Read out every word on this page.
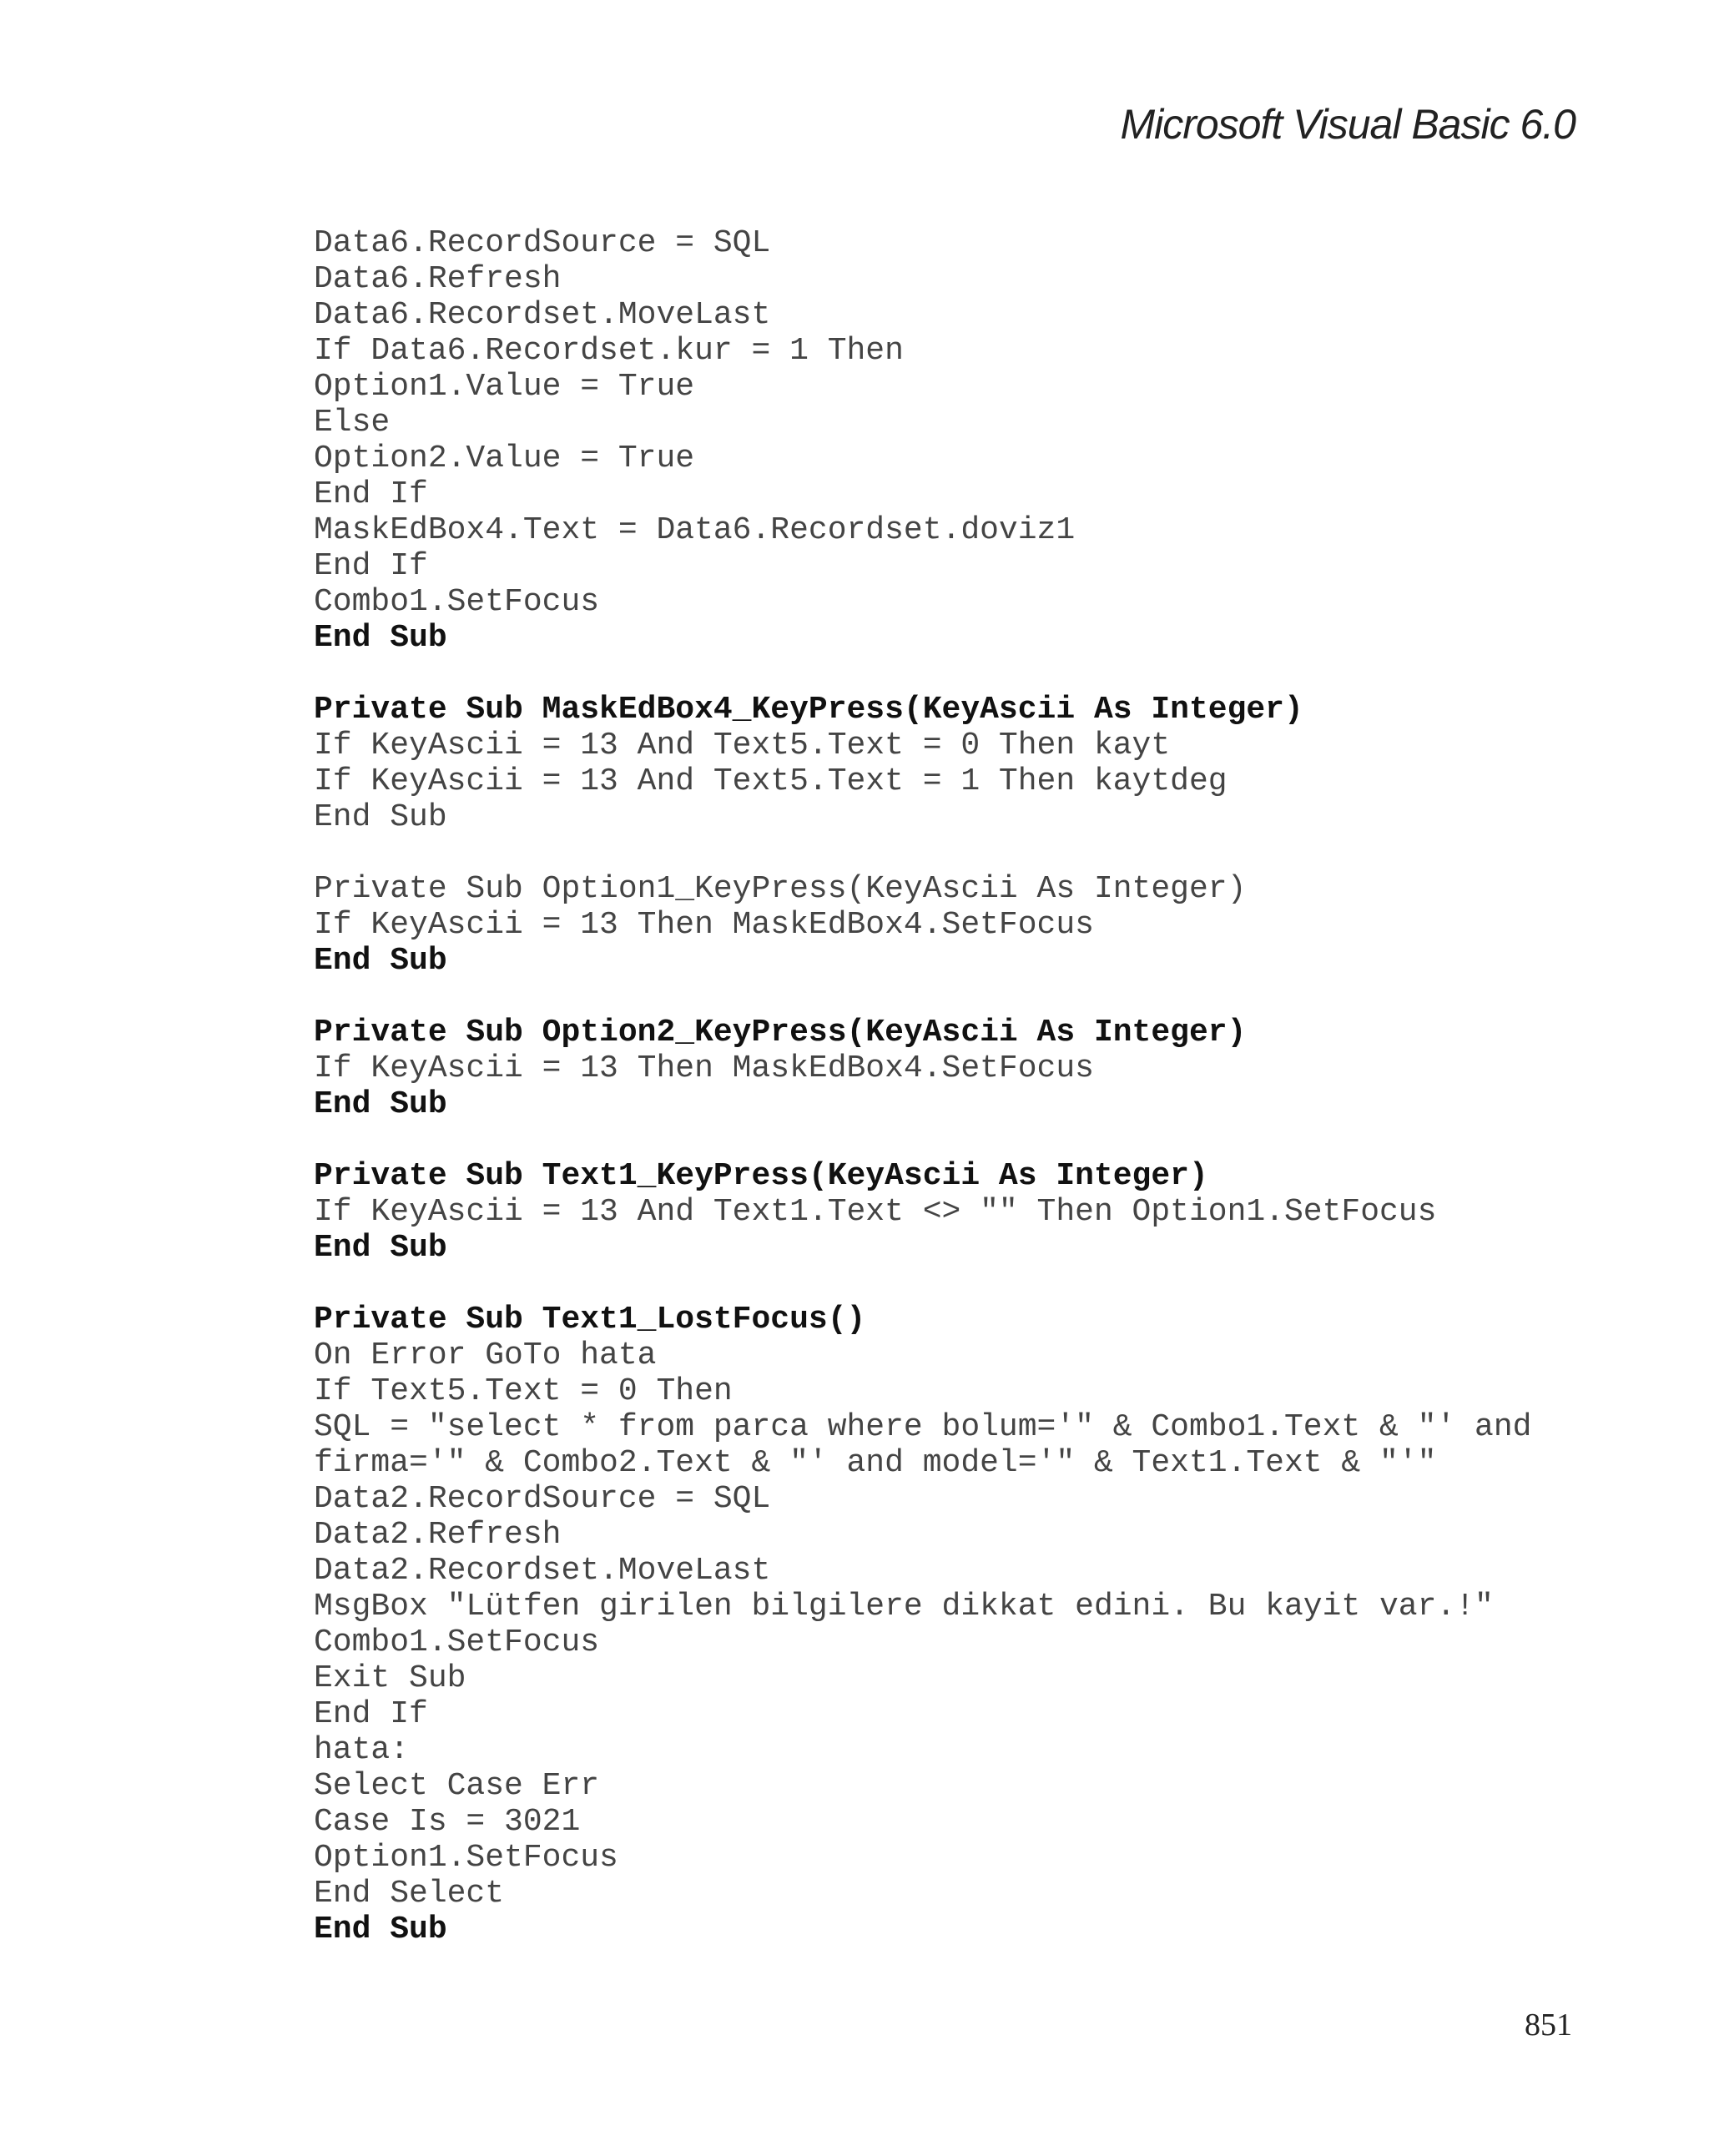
Microsoft Visual Basic 6.0
Data6.RecordSource = SQL
Data6.Refresh
Data6.Recordset.MoveLast
If Data6.Recordset.kur = 1 Then
Option1.Value = True
Else
Option2.Value = True
End If
MaskEdBox4.Text = Data6.Recordset.doviz1
End If
Combo1.SetFocus
End Sub
Private Sub MaskEdBox4_KeyPress(KeyAscii As Integer)
If KeyAscii = 13 And Text5.Text = 0 Then kayt
If KeyAscii = 13 And Text5.Text = 1 Then kaytdeg
End Sub
Private Sub Option1_KeyPress(KeyAscii As Integer)
If KeyAscii = 13 Then MaskEdBox4.SetFocus
End Sub
Private Sub Option2_KeyPress(KeyAscii As Integer)
If KeyAscii = 13 Then MaskEdBox4.SetFocus
End Sub
Private Sub Text1_KeyPress(KeyAscii As Integer)
If KeyAscii = 13 And Text1.Text <> "" Then Option1.SetFocus
End Sub
Private Sub Text1_LostFocus()
On Error GoTo hata
If Text5.Text = 0 Then
SQL = "select * from parca where bolum='" & Combo1.Text & "' and
firma='" & Combo2.Text & "' and model='" & Text1.Text & "'"
Data2.RecordSource = SQL
Data2.Refresh
Data2.Recordset.MoveLast
MsgBox "Lütfen girilen bilgilere dikkat edini. Bu kayit var.!"
Combo1.SetFocus
Exit Sub
End If
hata:
Select Case Err
Case Is = 3021
Option1.SetFocus
End Select
End Sub
851
